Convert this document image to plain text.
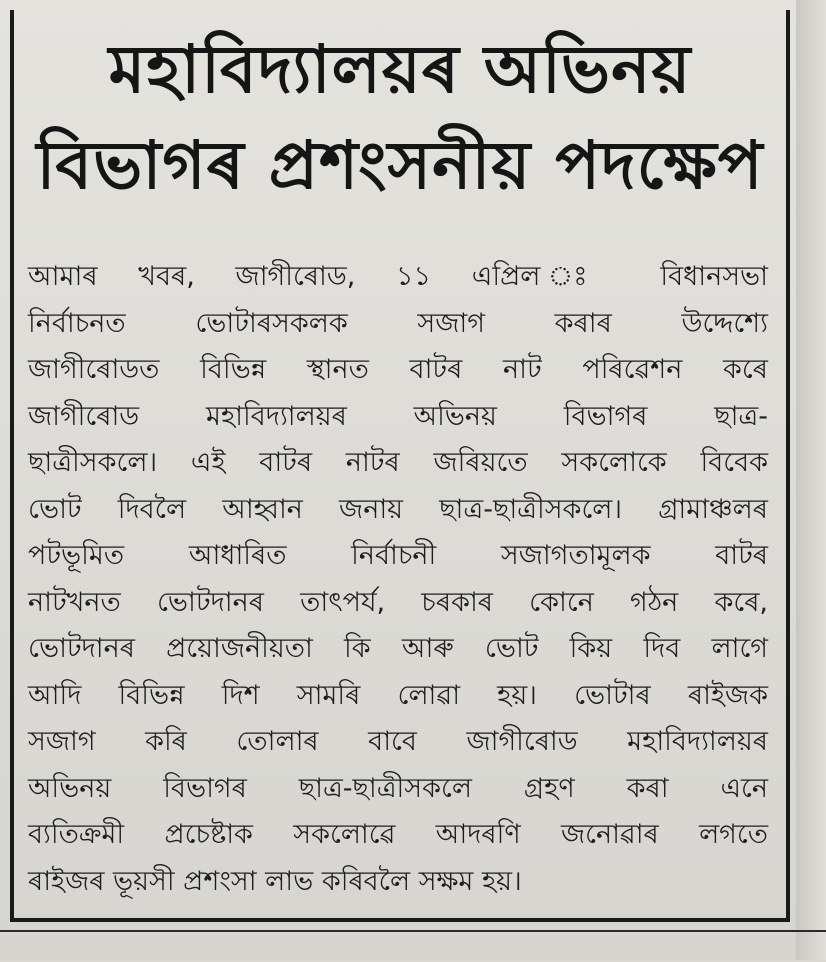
মহাবিদ্যালয়ৰ অভিনয়
বিভাগৰ প্ৰশংসনীয় পদক্ষেপ
আমাৰ খবৰ, জাগীৰোড, ১১ এপ্ৰিল ঃ বিধানসভা
নিৰ্বাচনত ভোটাৰসকলক সজাগ কৰাৰ উদ্দেশ্যে
জাগীৰোডত বিভিন্ন স্থানত বাটৰ নাট পৰিৱেশন কৰে
জাগীৰোড মহাবিদ্যালয়ৰ অভিনয় বিভাগৰ ছাত্ৰ-
ছাত্ৰীসকলে। এই বাটৰ নাটৰ জৰিয়তে সকলোকে বিবেক
ভোট দিবলৈ আহ্বান জনায় ছাত্ৰ-ছাত্ৰীসকলে। গ্ৰামাঞ্চলৰ
পটভূমিত আধাৰিত নিৰ্বাচনী সজাগতামূলক বাটৰ
নাটখনত ভোটদানৰ তাৎপৰ্য, চৰকাৰ কোনে গঠন কৰে,
ভোটদানৰ প্ৰয়োজনীয়তা কি আৰু ভোট কিয় দিব লাগে
আদি বিভিন্ন দিশ সামৰি লোৱা হয়। ভোটাৰ ৰাইজক
সজাগ কৰি তোলাৰ বাবে জাগীৰোড মহাবিদ্যালয়ৰ
অভিনয় বিভাগৰ ছাত্ৰ-ছাত্ৰীসকলে গ্ৰহণ কৰা এনে
ব্যতিক্ৰমী প্ৰচেষ্টাক সকলোৱে আদৰণি জনোৱাৰ লগতে
ৰাইজৰ ভূয়সী প্ৰশংসা লাভ কৰিবলৈ সক্ষম হয়।
